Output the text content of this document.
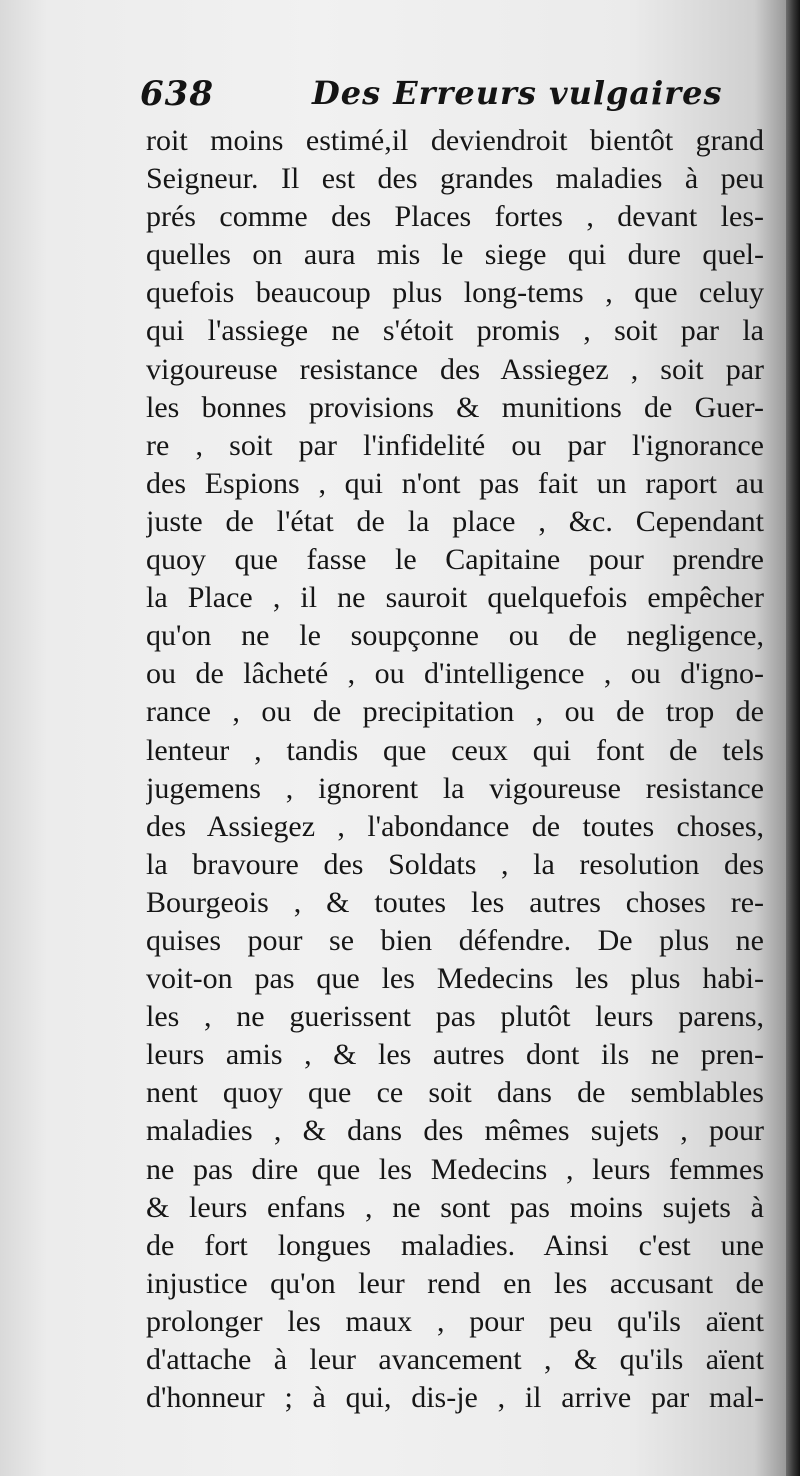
638	Des Erreurs vulgaires
roit moins estimé,il deviendroit bientôt grand
Seigneur. Il est des grandes maladies à peu
prés comme des Places fortes , devant les-
quelles on aura mis le siege qui dure quel-
quefois beaucoup plus long-tems , que celuy
qui l'assiege ne s'étoit promis , soit par la
vigoureuse resistance des Assiegez , soit par
les bonnes provisions & munitions de Guer-
re , soit par l'infidelité ou par l'ignorance
des Espions , qui n'ont pas fait un raport au
juste de l'état de la place , &c. Cependant
quoy que fasse le Capitaine pour prendre
la Place , il ne sauroit quelquefois empêcher
qu'on ne le soupçonne ou de negligence,
ou de lâcheté , ou d'intelligence , ou d'igno-
rance , ou de precipitation , ou de trop de
lenteur , tandis que ceux qui font de tels
jugemens , ignorent la vigoureuse resistance
des Assiegez , l'abondance de toutes choses,
la bravoure des Soldats , la resolution des
Bourgeois , & toutes les autres choses re-
quises pour se bien défendre. De plus ne
voit-on pas que les Medecins les plus habi-
les , ne guerissent pas plutôt leurs parens,
leurs amis , & les autres dont ils ne pren-
nent quoy que ce soit dans de semblables
maladies , & dans des mêmes sujets , pour
ne pas dire que les Medecins , leurs femmes
& leurs enfans , ne sont pas moins sujets à
de fort longues maladies. Ainsi c'est une
injustice qu'on leur rend en les accusant de
prolonger les maux , pour peu qu'ils aïent
d'attache à leur avancement , & qu'ils aïent
d'honneur ; à qui, dis-je , il arrive par mal-
